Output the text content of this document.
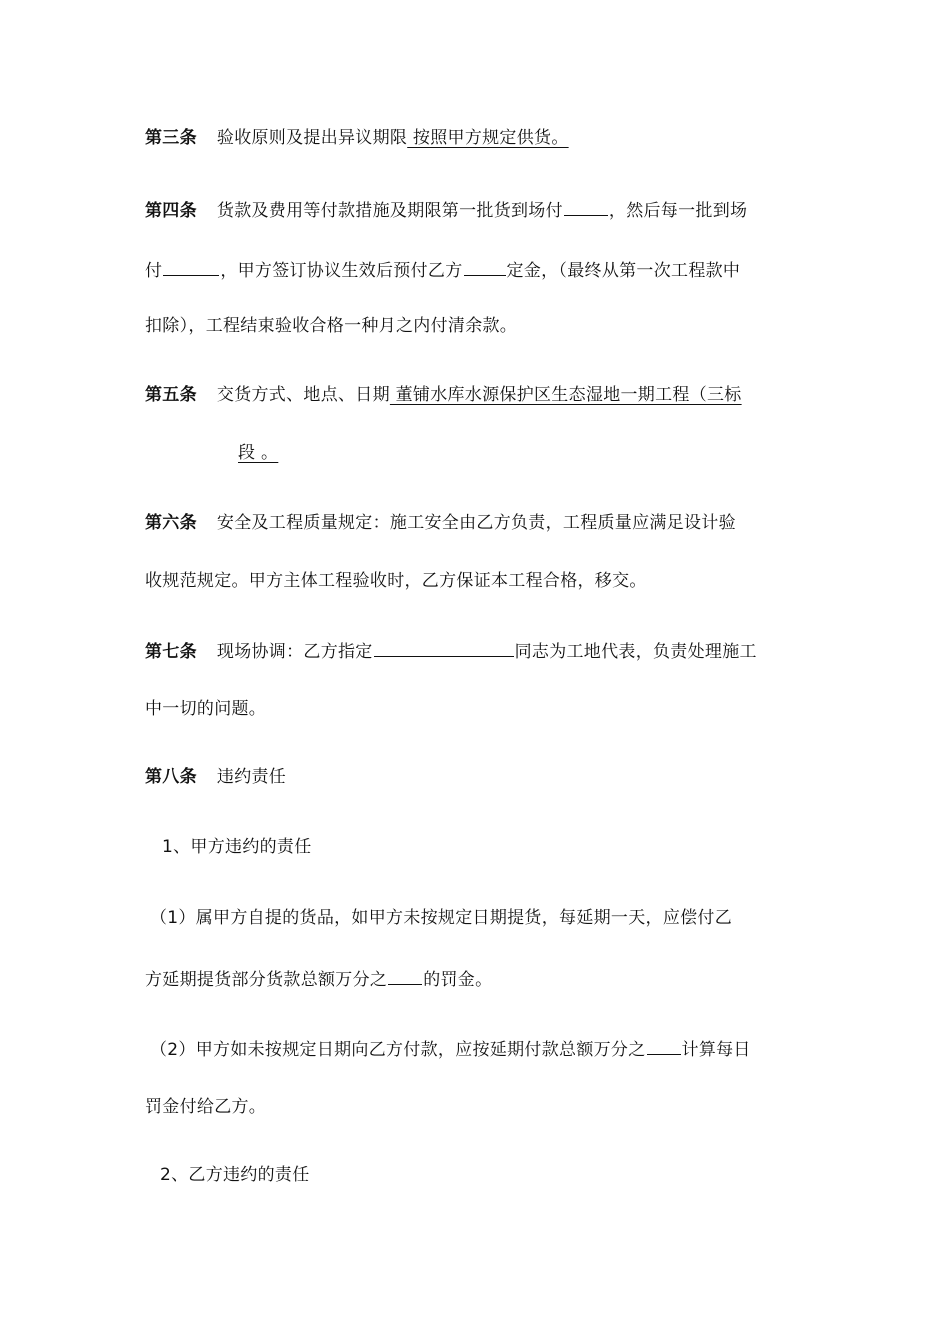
第三条 验收原则及提出异议期限 按照甲方规定供货。
第四条 货款及费用等付款措施及期限第一批货到场付	，然后每一批到场
付	，甲方签订协议生效后预付乙方	定金，（最终从第一次工程款中
扣除），工程结束验收合格一种月之内付清余款。
第五条 交货方式、地点、日期 董铺水库水源保护区生态湿地一期工程（三标
段 。
第六条 安全及工程质量规定：施工安全由乙方负责，工程质量应满足设计验
收规范规定。甲方主体工程验收时，乙方保证本工程合格，移交。
第七条 现场协调：乙方指定	同志为工地代表，负责处理施工
中一切的问题。
第八条 违约责任
1、甲方违约的责任
（1）属甲方自提的货品，如甲方未按规定日期提货，每延期一天，应偿付乙
方延期提货部分货款总额万分之 的罚金。
（2）甲方如未按规定日期向乙方付款，应按延期付款总额万分之 计算每日
罚金付给乙方。
2、乙方违约的责任
